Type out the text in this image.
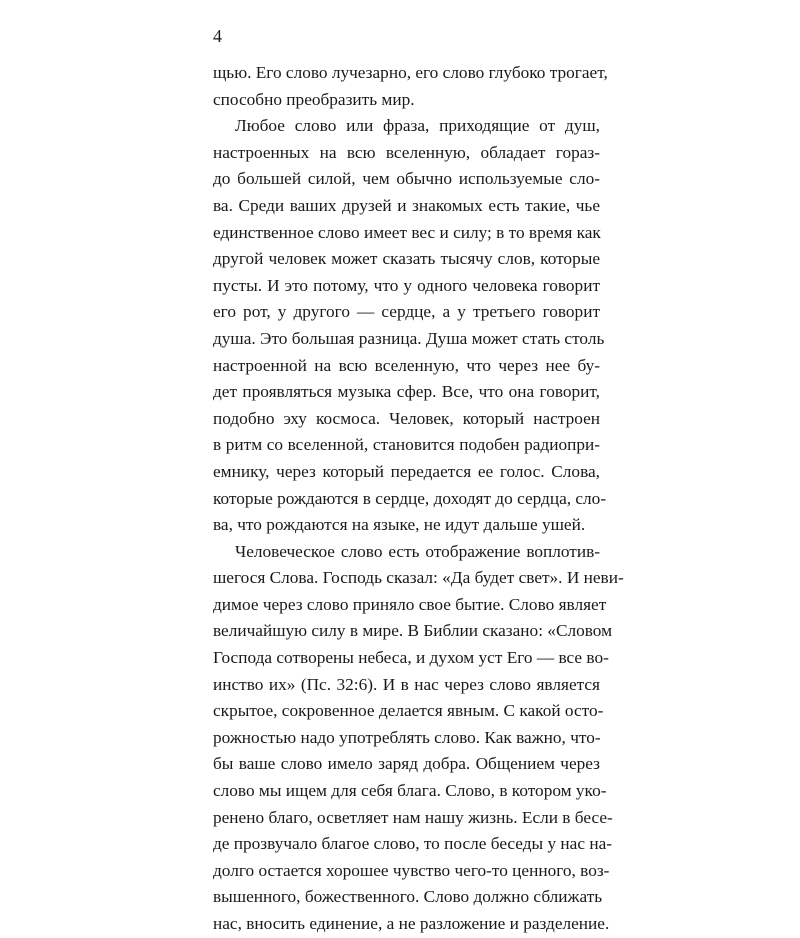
4
щью. Его слово лучезарно, его слово глубоко трогает,
способно преобразить мир.
Любое слово или фраза, приходящие от душ,
настроенных на всю вселенную, обладает гораз-
до большей силой, чем обычно используемые сло-
ва. Среди ваших друзей и знакомых есть такие, чье
единственное слово имеет вес и силу; в то время как
другой человек может сказать тысячу слов, которые
пусты. И это потому, что у одного человека говорит
его рот, у другого — сердце, а у третьего говорит
душа. Это большая разница. Душа может стать столь
настроенной на всю вселенную, что через нее бу-
дет проявляться музыка сфер. Все, что она говорит,
подобно эху космоса. Человек, который настроен
в ритм со вселенной, становится подобен радиопри-
емнику, через который передается ее голос. Слова,
которые рождаются в сердце, доходят до сердца, сло-
ва, что рождаются на языке, не идут дальше ушей.
Человеческое слово есть отображение воплотив-
шегося Слова. Господь сказал: «Да будет свет». И неви-
димое через слово приняло свое бытие. Слово являет
величайшую силу в мире. В Библии сказано: «Словом
Господа сотворены небеса, и духом уст Его — все во-
инство их» (Пс. 32:6). И в нас через слово является
скрытое, сокровенное делается явным. С какой осто-
рожностью надо употреблять слово. Как важно, что-
бы ваше слово имело заряд добра. Общением через
слово мы ищем для себя блага. Слово, в котором уко-
ренено благо, осветляет нам нашу жизнь. Если в бесе-
де прозвучало благое слово, то после беседы у нас на-
долго остается хорошее чувство чего-то ценного, воз-
вышенного, божественного. Слово должно сближать
нас, вносить единение, а не разложение и разделение.
